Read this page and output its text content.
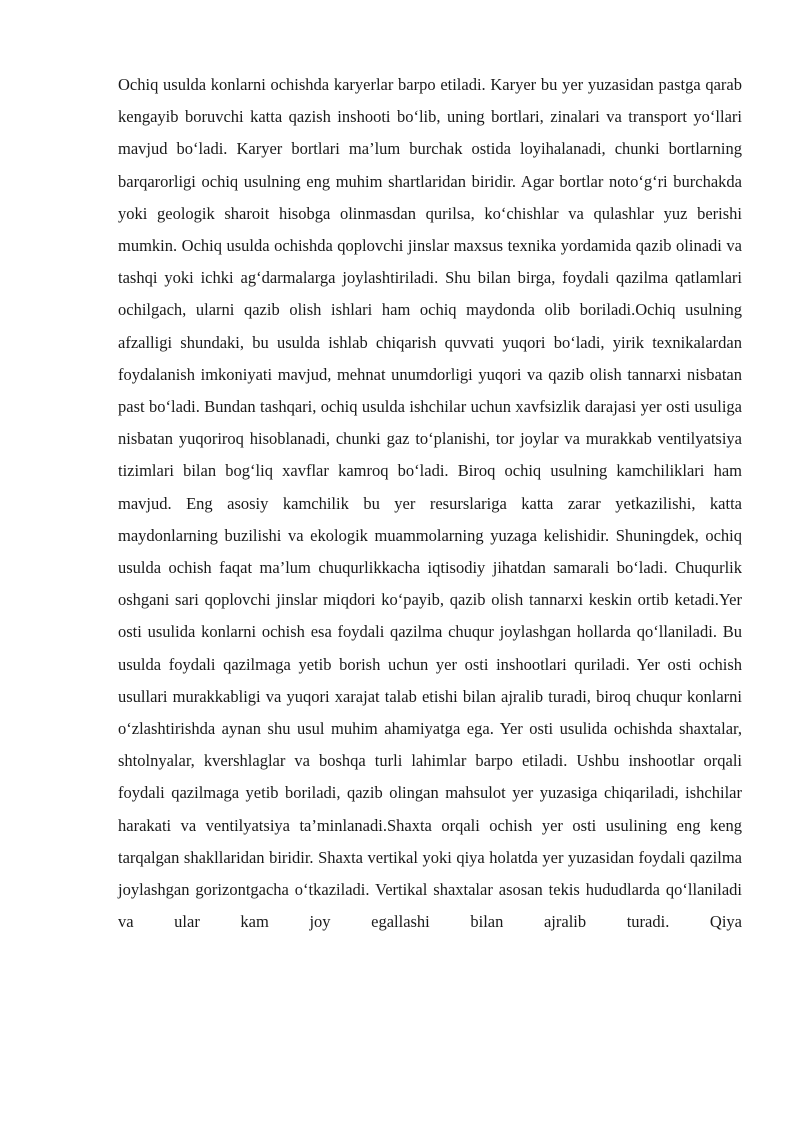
Ochiq usulda konlarni ochishda karyerlar barpo etiladi. Karyer bu yer yuzasidan pastga qarab kengayib boruvchi katta qazish inshooti bo‘lib, uning bortlari, zinalari va transport yo‘llari mavjud bo‘ladi. Karyer bortlari ma’lum burchak ostida loyihalanadi, chunki bortlarning barqarorligi ochiq usulning eng muhim shartlaridan biridir. Agar bortlar noto‘g‘ri burchakda yoki geologik sharoit hisobga olinmasdan qurilsa, ko‘chishlar va qulashlar yuz berishi mumkin. Ochiq usulda ochishda qoplovchi jinslar maxsus texnika yordamida qazib olinadi va tashqi yoki ichki ag‘darmalarga joylashtiriladi. Shu bilan birga, foydali qazilma qatlamlari ochilgach, ularni qazib olish ishlari ham ochiq maydonda olib boriladi.Ochiq usulning afzalligi shundaki, bu usulda ishlab chiqarish quvvati yuqori bo‘ladi, yirik texnikalardan foydalanish imkoniyati mavjud, mehnat unumdorligi yuqori va qazib olish tannarxi nisbatan past bo‘ladi. Bundan tashqari, ochiq usulda ishchilar uchun xavfsizlik darajasi yer osti usuliga nisbatan yuqoriroq hisoblanadi, chunki gaz to‘planishi, tor joylar va murakkab ventilyatsiya tizimlari bilan bog‘liq xavflar kamroq bo‘ladi. Biroq ochiq usulning kamchiliklari ham mavjud. Eng asosiy kamchilik bu yer resurslariga katta zarar yetkazilishi, katta maydonlarning buzilishi va ekologik muammolarning yuzaga kelishidir. Shuningdek, ochiq usulda ochish faqat ma’lum chuqurlikkacha iqtisodiy jihatdan samarali bo‘ladi. Chuqurlik oshgani sari qoplovchi jinslar miqdori ko‘payib, qazib olish tannarxi keskin ortib ketadi.Yer osti usulida konlarni ochish esa foydali qazilma chuqur joylashgan hollarda qo‘llaniladi. Bu usulda foydali qazilmaga yetib borish uchun yer osti inshootlari quriladi. Yer osti ochish usullari murakkabligi va yuqori xarajat talab etishi bilan ajralib turadi, biroq chuqur konlarni o‘zlashtirishda aynan shu usul muhim ahamiyatga ega. Yer osti usulida ochishda shaxtalar, shtolnyalar, kvershlaglar va boshqa turli lahimlar barpo etiladi. Ushbu inshootlar orqali foydali qazilmaga yetib boriladi, qazib olingan mahsulot yer yuzasiga chiqariladi, ishchilar harakati va ventilyatsiya ta’minlanadi.Shaxta orqali ochish yer osti usulining eng keng tarqalgan shakllaridan biridir. Shaxta vertikal yoki qiya holatda yer yuzasidan foydali qazilma joylashgan gorizontgacha o‘tkaziladi. Vertikal shaxtalar asosan tekis hududlarda qo‘llaniladi va ular kam joy egallashi bilan ajralib turadi. Qiya
